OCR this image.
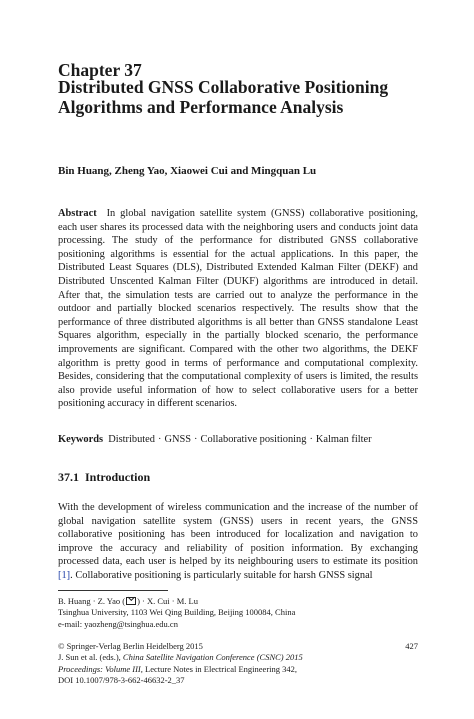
Chapter 37
Distributed GNSS Collaborative Positioning Algorithms and Performance Analysis
Bin Huang, Zheng Yao, Xiaowei Cui and Mingquan Lu

Abstract In global navigation satellite system (GNSS) collaborative positioning, each user shares its processed data with the neighboring users and conducts joint data processing. The study of the performance for distributed GNSS collaborative positioning algorithms is essential for the actual applications. In this paper, the Distributed Least Squares (DLS), Distributed Extended Kalman Filter (DEKF) and Distributed Unscented Kalman Filter (DUKF) algorithms are introduced in detail. After that, the simulation tests are carried out to analyze the performance in the outdoor and partially blocked scenarios respectively. The results show that the performance of three distributed algorithms is all better than GNSS standalone Least Squares algorithm, especially in the partially blocked scenario, the performance improvements are significant. Compared with the other two algorithms, the DEKF algorithm is pretty good in terms of performance and computational complexity. Besides, considering that the computational complexity of users is limited, the results also provide useful information of how to select collaborative users for a better positioning accuracy in different scenarios.

Keywords Distributed · GNSS · Collaborative positioning · Kalman filter
37.1 Introduction

With the development of wireless communication and the increase of the number of global navigation satellite system (GNSS) users in recent years, the GNSS collaborative positioning has been introduced for localization and navigation to improve the accuracy and reliability of position information. By exchanging processed data, each user is helped by its neighbouring users to estimate its position [1]. Collaborative positioning is particularly suitable for harsh GNSS signal

B. Huang · Z. Yao ( ) · X. Cui · M. Lu
Tsinghua University, 1103 Wei Qing Building, Beijing 100084, China
e-mail: yaozheng@tsinghua.edu.cn
© Springer-Verlag Berlin Heidelberg 2015
J. Sun et al. (eds.), China Satellite Navigation Conference (CSNC) 2015
Proceedings: Volume III, Lecture Notes in Electrical Engineering 342,
DOI 10.1007/978-3-662-46632-2_37
427
